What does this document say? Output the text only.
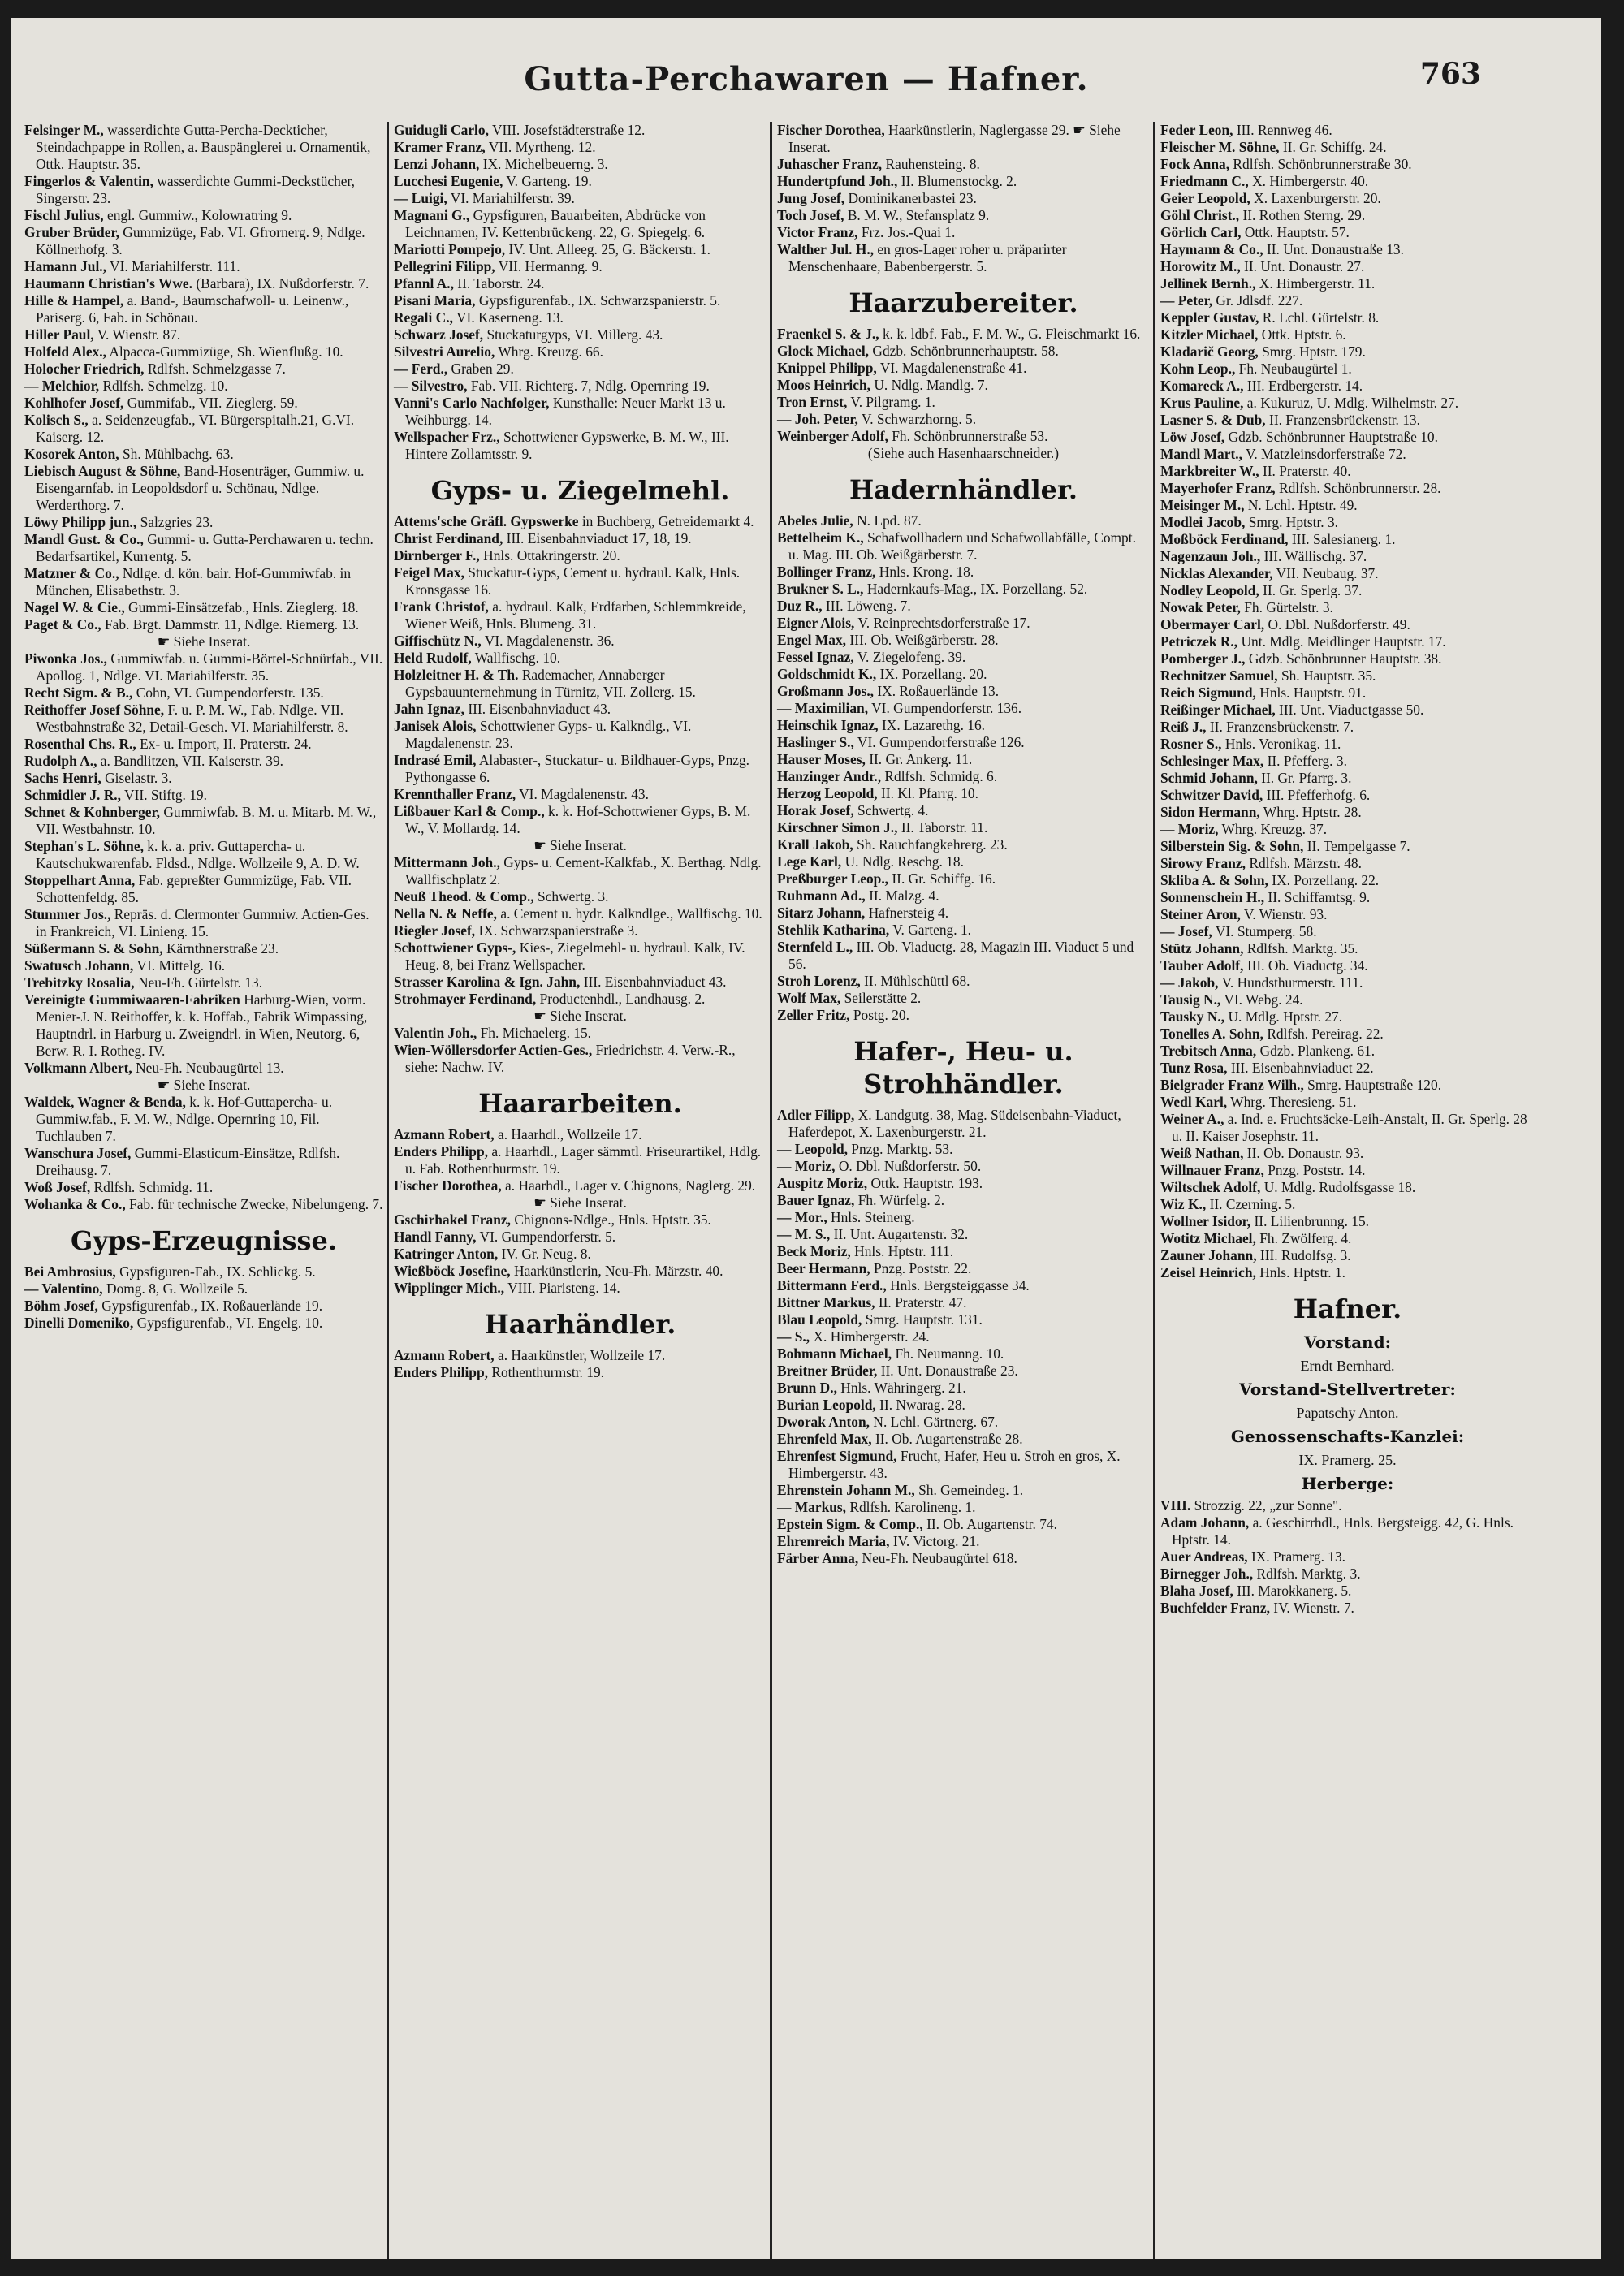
Gutta-Perchawaren — Hafner.	763

Felsinger M., wasserdichte Gutta-Percha-Deckticher, Steindachpappe in Rollen, a. Bauspänglerei u. Ornamentik, Ottk. Hauptstr. 35.

Fingerlos & Valentin, wasserdichte Gummi-Deckstücher, Singerstr. 23.

Fischl Julius, engl. Gummiw., Kolowratring 9.

Gruber Brüder, Gummizüge, Fab. VI. Gfrornerg. 9, Ndlge. Köllnerhofg. 3.

Hamann Jul., VI. Mariahilferstr. 111.

Haumann Christian's Wwe. (Barbara), IX. Nußdorferstr. 7.

Hille & Hampel, a. Band-, Baumschafwoll- u. Leinenw., Pariserg. 6, Fab. in Schönau.

Hiller Paul, V. Wienstr. 87.

Holfeld Alex., Alpacca-Gummizüge, Sh. Wienflußg. 10.

Holocher Friedrich, Rdlfsh. Schmelzgasse 7.

— Melchior, Rdlfsh. Schmelzg. 10.

Kohlhofer Josef, Gummifab., VII. Zieglerg. 59.

Kolisch S., a. Seidenzeugfab., VI. Bürgerspitalh.21, G.VI. Kaiserg. 12.

Kosorek Anton, Sh. Mühlbachg. 63.

Liebisch August & Söhne, Band-Hosenträger, Gummiw. u. Eisengarnfab. in Leopoldsdorf u. Schönau, Ndlge. Werderthorg. 7.

Löwy Philipp jun., Salzgries 23.

Mandl Gust. & Co., Gummi- u. Gutta-Perchawaren u. techn. Bedarfsartikel, Kurrentg. 5.

Matzner & Co., Ndlge. d. kön. bair. Hof-Gummiwfab. in München, Elisabethstr. 3.

Nagel W. & Cie., Gummi-Einsätzefab., Hnls. Zieglerg. 18.

Paget & Co., Fab. Brgt. Dammstr. 11, Ndlge. Riemerg. 13.

☛ Siehe Inserat.

Piwonka Jos., Gummiwfab. u. Gummi-Börtel-Schnürfab., VII. Apollog. 1, Ndlge. VI. Mariahilferstr. 35.

Recht Sigm. & B., Cohn, VI. Gumpendorferstr. 135.

Reithoffer Josef Söhne, F. u. P. M. W., Fab. Ndlge. VII. Westbahnstraße 32, Detail-Gesch. VI. Mariahilferstr. 8.

Rosenthal Chs. R., Ex- u. Import, II. Praterstr. 24.

Rudolph A., a. Bandlitzen, VII. Kaiserstr. 39.

Sachs Henri, Giselastr. 3.

Schmidler J. R., VII. Stiftg. 19.

Schnet & Kohnberger, Gummiwfab. B. M. u. Mitarb. M. W., VII. Westbahnstr. 10.

Stephan's L. Söhne, k. k. a. priv. Guttapercha- u. Kautschukwarenfab. Fldsd., Ndlge. Wollzeile 9, A. D. W.

Stoppelhart Anna, Fab. gepreßter Gummizüge, Fab. VII. Schottenfeldg. 85.

Stummer Jos., Repräs. d. Clermonter Gummiw. Actien-Ges. in Frankreich, VI. Linieng. 15.

Süßermann S. & Sohn, Kärnthnerstraße 23.

Swatusch Johann, VI. Mittelg. 16.

Trebitzky Rosalia, Neu-Fh. Gürtelstr. 13.

Vereinigte Gummiwaaren-Fabriken Harburg-Wien, vorm. Menier-J. N. Reithoffer, k. k. Hoffab., Fabrik Wimpassing, Hauptndrl. in Harburg u. Zweigndrl. in Wien, Neutorg. 6, Berw. R. I. Rotheg. IV.

Volkmann Albert, Neu-Fh. Neubaugürtel 13.

☛ Siehe Inserat.

Waldek, Wagner & Benda, k. k. Hof-Guttapercha- u. Gummiw.fab., F. M. W., Ndlge. Opernring 10, Fil. Tuchlauben 7.

Wanschura Josef, Gummi-Elasticum-Einsätze, Rdlfsh. Dreihausg. 7.

Woß Josef, Rdlfsh. Schmidg. 11.

Wohanka & Co., Fab. für technische Zwecke, Nibelungeng. 7.

Gyps-Erzeugnisse.

Bei Ambrosius, Gypsfiguren-Fab., IX. Schlickg. 5.

— Valentino, Domg. 8, G. Wollzeile 5.

Böhm Josef, Gypsfigurenfab., IX. Roßauerlände 19.

Dinelli Domeniko, Gypsfigurenfab., VI. Engelg. 10.

Guidugli Carlo, VIII. Josefstädterstraße 12.

Kramer Franz, VII. Myrtheng. 12.

Lenzi Johann, IX. Michelbeuerng. 3.

Lucchesi Eugenie, V. Garteng. 19.

— Luigi, VI. Mariahilferstr. 39.

Magnani G., Gypsfiguren, Bauarbeiten, Abdrücke von Leichnamen, IV. Kettenbrückeng. 22, G. Spiegelg. 6.

Mariotti Pompejo, IV. Unt. Alleeg. 25, G. Bäckerstr. 1.

Pellegrini Filipp, VII. Hermanng. 9.

Pfannl A., II. Taborstr. 24.

Pisani Maria, Gypsfigurenfab., IX. Schwarzspanierstr. 5.

Regali C., VI. Kaserneng. 13.

Schwarz Josef, Stuckaturgyps, VI. Millerg. 43.

Silvestri Aurelio, Whrg. Kreuzg. 66.

— Ferd., Graben 29.

— Silvestro, Fab. VII. Richterg. 7, Ndlg. Opernring 19.

Vanni's Carlo Nachfolger, Kunsthalle: Neuer Markt 13 u. Weihburgg. 14.

Wellspacher Frz., Schottwiener Gypswerke, B. M. W., III. Hintere Zollamtsstr. 9.

Gyps- u. Ziegelmehl.

Attems'sche Gräfl. Gypswerke in Buchberg, Getreidemarkt 4.

Christ Ferdinand, III. Eisenbahnviaduct 17, 18, 19.

Dirnberger F., Hnls. Ottakringerstr. 20.

Feigel Max, Stuckatur-Gyps, Cement u. hydraul. Kalk, Hnls. Kronsgasse 16.

Frank Christof, a. hydraul. Kalk, Erdfarben, Schlemmkreide, Wiener Weiß, Hnls. Blumeng. 31.

Giffischütz N., VI. Magdalenenstr. 36.

Held Rudolf, Wallfischg. 10.

Holzleitner H. & Th. Rademacher, Annaberger Gypsbauunternehmung in Türnitz, VII. Zollerg. 15.

Jahn Ignaz, III. Eisenbahnviaduct 43.

Janisek Alois, Schottwiener Gyps- u. Kalkndlg., VI. Magdalenenstr. 23.

Indrasé Emil, Alabaster-, Stuckatur- u. Bildhauer-Gyps, Pnzg. Pythongasse 6.

Krennthaller Franz, VI. Magdalenenstr. 43.

Lißbauer Karl & Comp., k. k. Hof-Schottwiener Gyps, B. M. W., V. Mollardg. 14.

☛ Siehe Inserat.

Mittermann Joh., Gyps- u. Cement-Kalkfab., X. Berthag. Ndlg. Wallfischplatz 2.

Neuß Theod. & Comp., Schwertg. 3.

Nella N. & Neffe, a. Cement u. hydr. Kalkndlge., Wallfischg. 10.

Riegler Josef, IX. Schwarzspanierstraße 3.

Schottwiener Gyps-, Kies-, Ziegelmehl- u. hydraul. Kalk, IV. Heug. 8, bei Franz Wellspacher.

Strasser Karolina & Ign. Jahn, III. Eisenbahnviaduct 43.

Strohmayer Ferdinand, Productenhdl., Landhausg. 2.

☛ Siehe Inserat.

Valentin Joh., Fh. Michaelerg. 15.

Wien-Wöllersdorfer Actien-Ges., Friedrichstr. 4. Verw.-R., siehe: Nachw. IV.

Haararbeiten.

Azmann Robert, a. Haarhdl., Wollzeile 17.

Enders Philipp, a. Haarhdl., Lager sämmtl. Friseurartikel, Hdlg. u. Fab. Rothenthurmstr. 19.

Fischer Dorothea, a. Haarhdl., Lager v. Chignons, Naglerg. 29.

☛ Siehe Inserat.

Gschirhakel Franz, Chignons-Ndlge., Hnls. Hptstr. 35.

Handl Fanny, VI. Gumpendorferstr. 5.

Katringer Anton, IV. Gr. Neug. 8.

Wießböck Josefine, Haarkünstlerin, Neu-Fh. Märzstr. 40.

Wipplinger Mich., VIII. Piaristeng. 14.

Haarhändler.

Azmann Robert, a. Haarkünstler, Wollzeile 17.

Enders Philipp, Rothenthurmstr. 19.

Fischer Dorothea, Haarkünstlerin, Naglergasse 29. ☛ Siehe Inserat.

Juhascher Franz, Rauhensteing. 8.

Hundertpfund Joh., II. Blumenstockg. 2.

Jung Josef, Dominikanerbastei 23.

Toch Josef, B. M. W., Stefansplatz 9.

Victor Franz, Frz. Jos.-Quai 1.

Walther Jul. H., en gros-Lager roher u. präparirter Menschenhaare, Babenbergerstr. 5.

Haarzubereiter.

Fraenkel S. & J., k. k. ldbf. Fab., F. M. W., G. Fleischmarkt 16.

Glock Michael, Gdzb. Schönbrunnerhauptstr. 58.

Knippel Philipp, VI. Magdalenenstraße 41.

Moos Heinrich, U. Ndlg. Mandlg. 7.

Tron Ernst, V. Pilgramg. 1.

— Joh. Peter, V. Schwarzhorng. 5.

Weinberger Adolf, Fh. Schönbrunnerstraße 53.

(Siehe auch Hasenhaarschneider.)
Hadernhändler.

Abeles Julie, N. Lpd. 87.

Bettelheim K., Schafwollhadern und Schafwollabfälle, Compt. u. Mag. III. Ob. Weißgärberstr. 7.

Bollinger Franz, Hnls. Krong. 18.

Brukner S. L., Hadernkaufs-Mag., IX. Porzellang. 52.

Duz R., III. Löweng. 7.

Eigner Alois, V. Reinprechtsdorferstraße 17.

Engel Max, III. Ob. Weißgärberstr. 28.

Fessel Ignaz, V. Ziegelofeng. 39.

Goldschmidt K., IX. Porzellang. 20.

Großmann Jos., IX. Roßauerlände 13.

— Maximilian, VI. Gumpendorferstr. 136.

Heinschik Ignaz, IX. Lazarethg. 16.

Haslinger S., VI. Gumpendorferstraße 126.

Hauser Moses, II. Gr. Ankerg. 11.

Hanzinger Andr., Rdlfsh. Schmidg. 6.

Herzog Leopold, II. Kl. Pfarrg. 10.

Horak Josef, Schwertg. 4.

Kirschner Simon J., II. Taborstr. 11.

Krall Jakob, Sh. Rauchfangkehrerg. 23.

Lege Karl, U. Ndlg. Reschg. 18.

Preßburger Leop., II. Gr. Schiffg. 16.

Ruhmann Ad., II. Malzg. 4.

Sitarz Johann, Hafnersteig 4.

Stehlik Katharina, V. Garteng. 1.

Sternfeld L., III. Ob. Viaductg. 28, Magazin III. Viaduct 5 und 56.

Stroh Lorenz, II. Mühlschüttl 68.

Wolf Max, Seilerstätte 2.

Zeller Fritz, Postg. 20.

Hafer-, Heu- u. Strohhändler.

Adler Filipp, X. Landgutg. 38, Mag. Südeisenbahn-Viaduct, Haferdepot, X. Laxenburgerstr. 21.

— Leopold, Pnzg. Marktg. 53.

— Moriz, O. Dbl. Nußdorferstr. 50.

Auspitz Moriz, Ottk. Hauptstr. 193.

Bauer Ignaz, Fh. Würfelg. 2.

— Mor., Hnls. Steinerg.

— M. S., II. Unt. Augartenstr. 32.

Beck Moriz, Hnls. Hptstr. 111.

Beer Hermann, Pnzg. Poststr. 22.

Bittermann Ferd., Hnls. Bergsteiggasse 34.

Bittner Markus, II. Praterstr. 47.

Blau Leopold, Smrg. Hauptstr. 131.

— S., X. Himbergerstr. 24.

Bohmann Michael, Fh. Neumanng. 10.

Breitner Brüder, II. Unt. Donaustraße 23.

Brunn D., Hnls. Währingerg. 21.

Burian Leopold, II. Nwarag. 28.

Dworak Anton, N. Lchl. Gärtnerg. 67.

Ehrenfeld Max, II. Ob. Augartenstraße 28.

Ehrenfest Sigmund, Frucht, Hafer, Heu u. Stroh en gros, X. Himbergerstr. 43.

Ehrenstein Johann M., Sh. Gemeindeg. 1.

— Markus, Rdlfsh. Karolineng. 1.

Epstein Sigm. & Comp., II. Ob. Augartenstr. 74.

Ehrenreich Maria, IV. Victorg. 21.

Färber Anna, Neu-Fh. Neubaugürtel 618.

Feder Leon, III. Rennweg 46.

Fleischer M. Söhne, II. Gr. Schiffg. 24.

Fock Anna, Rdlfsh. Schönbrunnerstraße 30.

Friedmann C., X. Himbergerstr. 40.

Geier Leopold, X. Laxenburgerstr. 20.

Göhl Christ., II. Rothen Sterng. 29.

Görlich Carl, Ottk. Hauptstr. 57.

Haymann & Co., II. Unt. Donaustraße 13.

Horowitz M., II. Unt. Donaustr. 27.

Jellinek Bernh., X. Himbergerstr. 11.

— Peter, Gr. Jdlsdf. 227.

Keppler Gustav, R. Lchl. Gürtelstr. 8.

Kitzler Michael, Ottk. Hptstr. 6.

Kladarič Georg, Smrg. Hptstr. 179.

Kohn Leop., Fh. Neubaugürtel 1.

Komareck A., III. Erdbergerstr. 14.

Krus Pauline, a. Kukuruz, U. Mdlg. Wilhelmstr. 27.

Lasner S. & Dub, II. Franzensbrückenstr. 13.

Löw Josef, Gdzb. Schönbrunner Hauptstraße 10.

Mandl Mart., V. Matzleinsdorferstraße 72.

Markbreiter W., II. Praterstr. 40.

Mayerhofer Franz, Rdlfsh. Schönbrunnerstr. 28.

Meisinger M., N. Lchl. Hptstr. 49.

Modlei Jacob, Smrg. Hptstr. 3.

Moßböck Ferdinand, III. Salesianerg. 1.

Nagenzaun Joh., III. Wällischg. 37.

Nicklas Alexander, VII. Neubaug. 37.

Nodley Leopold, II. Gr. Sperlg. 37.

Nowak Peter, Fh. Gürtelstr. 3.

Obermayer Carl, O. Dbl. Nußdorferstr. 49.

Petriczek R., Unt. Mdlg. Meidlinger Hauptstr. 17.

Pomberger J., Gdzb. Schönbrunner Hauptstr. 38.

Rechnitzer Samuel, Sh. Hauptstr. 35.

Reich Sigmund, Hnls. Hauptstr. 91.

Reißinger Michael, III. Unt. Viaductgasse 50.

Reiß J., II. Franzensbrückenstr. 7.

Rosner S., Hnls. Veronikag. 11.

Schlesinger Max, II. Pfefferg. 3.

Schmid Johann, II. Gr. Pfarrg. 3.

Schwitzer David, III. Pfefferhofg. 6.

Sidon Hermann, Whrg. Hptstr. 28.

— Moriz, Whrg. Kreuzg. 37.

Silberstein Sig. & Sohn, II. Tempelgasse 7.

Sirowy Franz, Rdlfsh. Märzstr. 48.

Skliba A. & Sohn, IX. Porzellang. 22.

Sonnenschein H., II. Schiffamtsg. 9.

Steiner Aron, V. Wienstr. 93.

— Josef, VI. Stumperg. 58.

Stütz Johann, Rdlfsh. Marktg. 35.

Tauber Adolf, III. Ob. Viaductg. 34.

— Jakob, V. Hundsthurmerstr. 111.

Tausig N., VI. Webg. 24.

Tausky N., U. Mdlg. Hptstr. 27.

Tonelles A. Sohn, Rdlfsh. Pereirag. 22.

Trebitsch Anna, Gdzb. Plankeng. 61.

Tunz Rosa, III. Eisenbahnviaduct 22.

Bielgrader Franz Wilh., Smrg. Hauptstraße 120.

Wedl Karl, Whrg. Theresieng. 51.

Weiner A., a. Ind. e. Fruchtsäcke-Leih-Anstalt, II. Gr. Sperlg. 28 u. II. Kaiser Josephstr. 11.

Weiß Nathan, II. Ob. Donaustr. 93.

Willnauer Franz, Pnzg. Poststr. 14.

Wiltschek Adolf, U. Mdlg. Rudolfsgasse 18.

Wiz K., II. Czerning. 5.

Wollner Isidor, II. Lilienbrunng. 15.

Wotitz Michael, Fh. Zwölferg. 4.

Zauner Johann, III. Rudolfsg. 3.

Zeisel Heinrich, Hnls. Hptstr. 1.

Hafner.
Vorstand:
Erndt Bernhard.
Vorstand-Stellvertreter:
Papatschy Anton.
Genossenschafts-Kanzlei:
IX. Pramerg. 25.
Herberge:

VIII. Strozzig. 22, „zur Sonne".

Adam Johann, a. Geschirrhdl., Hnls. Bergsteigg. 42, G. Hnls. Hptstr. 14.

Auer Andreas, IX. Pramerg. 13.

Birnegger Joh., Rdlfsh. Marktg. 3.

Blaha Josef, III. Marokkanerg. 5.

Buchfelder Franz, IV. Wienstr. 7.
